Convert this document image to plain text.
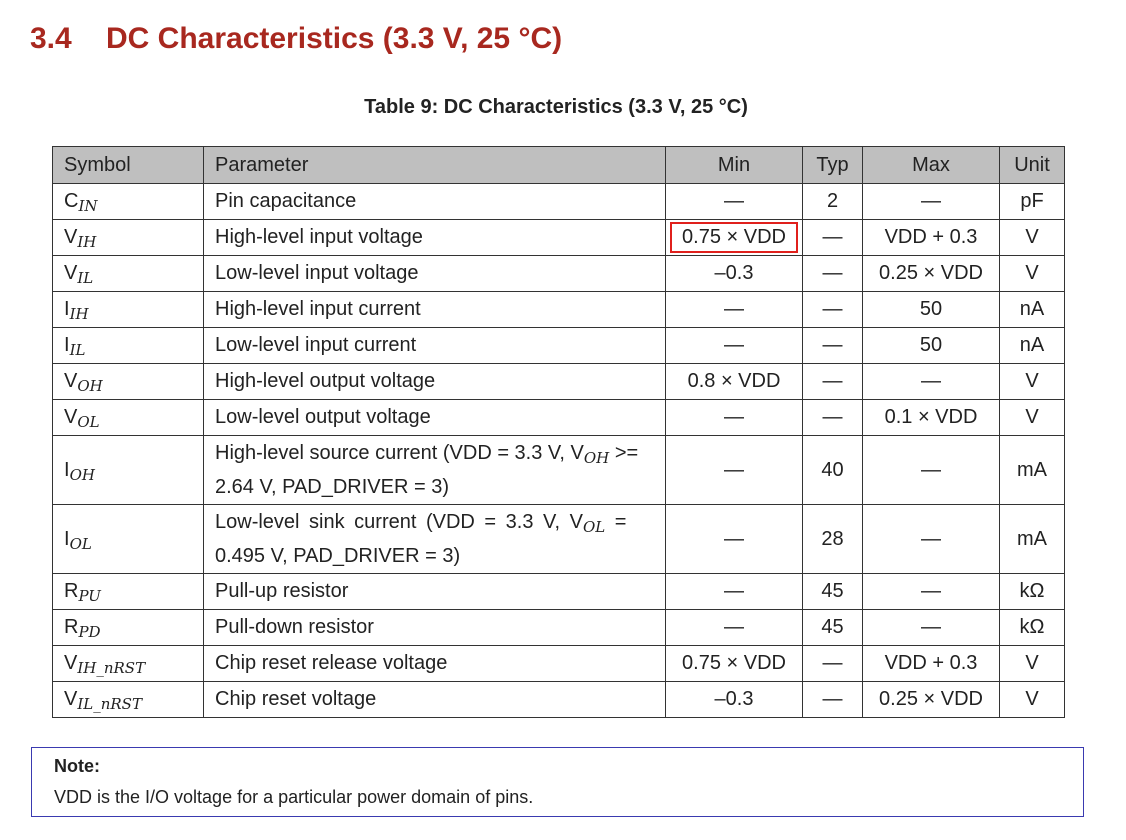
3.4 DC Characteristics (3.3 V, 25 °C)
Table 9: DC Characteristics (3.3 V, 25 °C)
Symbol	Parameter	Min	Typ	Max	Unit
$C_{IN}$	Pin capacitance	—	2	—	pF
$V_{IH}$	High-level input voltage	0.75 × VDD	—	VDD + 0.3	V
$V_{IL}$	Low-level input voltage	–0.3	—	0.25 × VDD	V
$I_{IH}$	High-level input current	—	—	50	nA
$I_{IL}$	Low-level input current	—	—	50	nA
$V_{OH}$	High-level output voltage	0.8 × VDD	—	—	V
$V_{OL}$	Low-level output voltage	—	—	0.1 × VDD	V
$I_{OH}$	High-level source current (VDD = 3.3 V, $V_{OH}$ >=
2.64 V, PAD_DRIVER = 3)	—	40	—	mA
$I_{OL}$	Low-level sink current (VDD = 3.3 V, $V_{OL}$ =
0.495 V, PAD_DRIVER = 3)	—	28	—	mA
$R_{PU}$	Pull-up resistor	—	45	—	kΩ
$R_{PD}$	Pull-down resistor	—	45	—	kΩ
$V_{IH\_nRST}$	Chip reset release voltage	0.75 × VDD	—	VDD + 0.3	V
$V_{IL\_nRST}$	Chip reset voltage	–0.3	—	0.25 × VDD	V
Note:
VDD is the I/O voltage for a particular power domain of pins.
